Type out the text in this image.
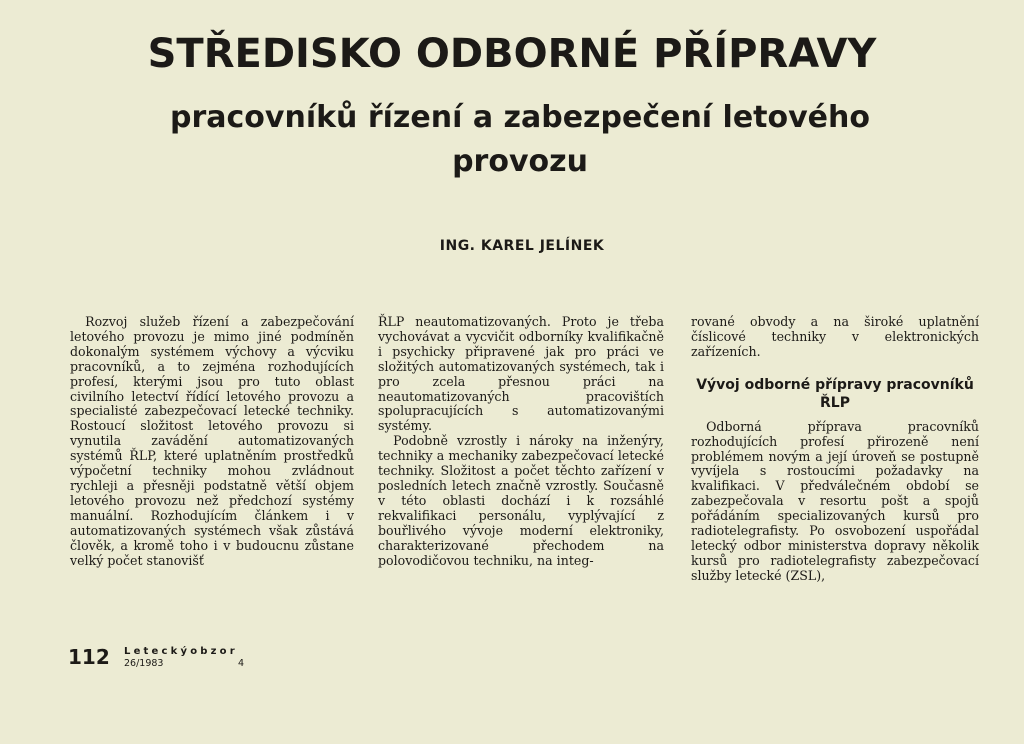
STŘEDISKO ODBORNÉ PŘÍPRAVY
pracovníků řízení a zabezpečení letového provozu
ING. KAREL JELÍNEK

Rozvoj služeb řízení a zabezpečování letového provozu je mimo jiné podmíněn dokonalým systémem výchovy a výcviku pracovníků, a to zejména rozhodujících profesí, kterými jsou pro tuto oblast civilního letectví řídící letového provozu a specialisté zabezpečovací letecké techniky. Rostoucí složitost letového provozu si vynutila zavádění automatizovaných systémů ŘLP, které uplatněním prostředků výpočetní techniky mohou zvládnout rychleji a přesněji podstatně větší objem letového provozu než předchozí systémy manuální. Rozhodujícím článkem i v automatizovaných systémech však zůstává člověk, a kromě toho i v budoucnu zůstane velký počet stanovišť

ŘLP neautomatizovaných. Proto je třeba vychovávat a vycvičit odborníky kvalifikačně i psychicky připravené jak pro práci ve složitých automatizovaných systémech, tak i pro zcela přesnou práci na neautomatizovaných pracovištích spolupracujících s automatizovanými systémy.

Podobně vzrostly i nároky na inženýry, techniky a mechaniky zabezpečovací letecké techniky. Složitost a počet těchto zařízení v posledních letech značně vzrostly. Současně v této oblasti dochází i k rozsáhlé rekvalifikaci personálu, vyplývající z bouřlivého vývoje moderní elektroniky, charakterizované přechodem na polovodičovou techniku, na integ-

rované obvody a na široké uplatnění číslicové techniky v elektronických zařízeních.

Vývoj odborné přípravy pracovníků ŘLP

Odborná příprava pracovníků rozhodujících profesí přirozeně není problémem novým a její úroveň se postupně vyvíjela s rostoucími požadavky na kvalifikaci. V předválečném období se zabezpečovala v resortu pošt a spojů pořádáním specializovaných kursů pro radiotelegrafisty. Po osvobození uspořádal letecký odbor ministerstva dopravy několik kursů pro radiotelegrafisty zabezpečovací služby letecké (ZSL),

112 Leteckýobzor
26/1983	4
